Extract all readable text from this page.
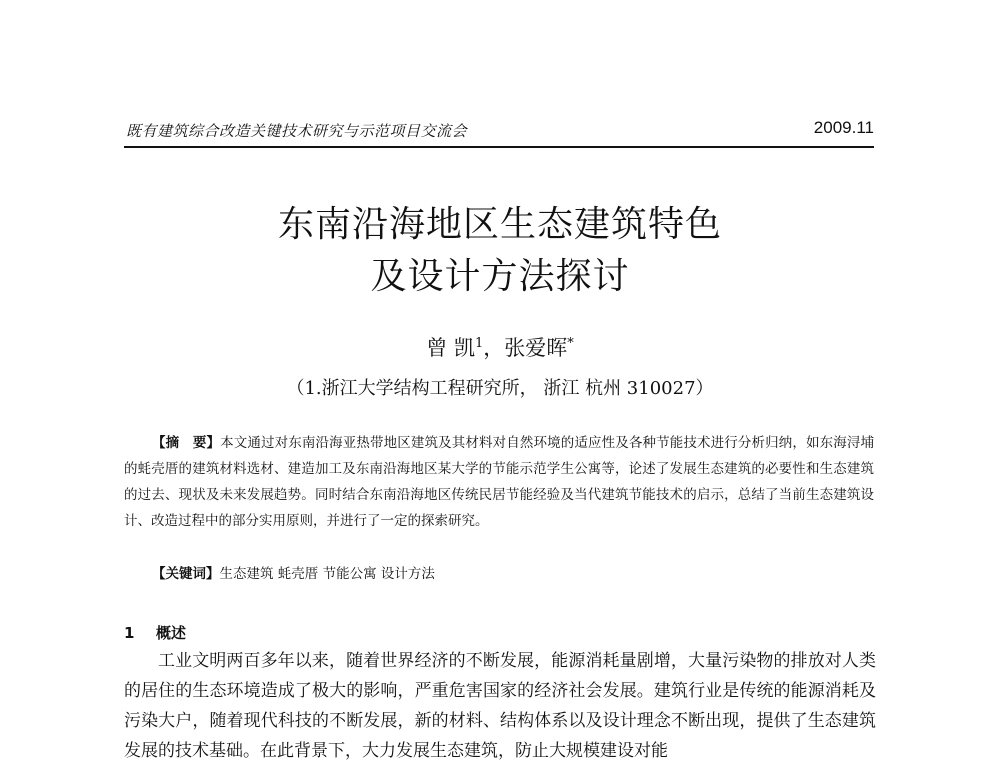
既有建筑综合改造关键技术研究与示范项目交流会	2009.11
东南沿海地区生态建筑特色
及设计方法探讨
曾 凯$^1$，张爱晖*
（1.浙江大学结构工程研究所， 浙江 杭州 310027）
【摘　要】本文通过对东南沿海亚热带地区建筑及其材料对自然环境的适应性及各种节能技术进行分析归纳，如东海浔埔的蚝壳厝的建筑材料选材、建造加工及东南沿海地区某大学的节能示范学生公寓等，论述了发展生态建筑的必要性和生态建筑的过去、现状及未来发展趋势。同时结合东南沿海地区传统民居节能经验及当代建筑节能技术的启示，总结了当前生态建筑设计、改造过程中的部分实用原则，并进行了一定的探索研究。
【关键词】生态建筑 蚝壳厝 节能公寓 设计方法
1 概述
工业文明两百多年以来，随着世界经济的不断发展，能源消耗量剧增，大量污染物的排放对人类的居住的生态环境造成了极大的影响，严重危害国家的经济社会发展。建筑行业是传统的能源消耗及污染大户，随着现代科技的不断发展，新的材料、结构体系以及设计理念不断出现，提供了生态建筑发展的技术基础。在此背景下，大力发展生态建筑，防止大规模建设对能
